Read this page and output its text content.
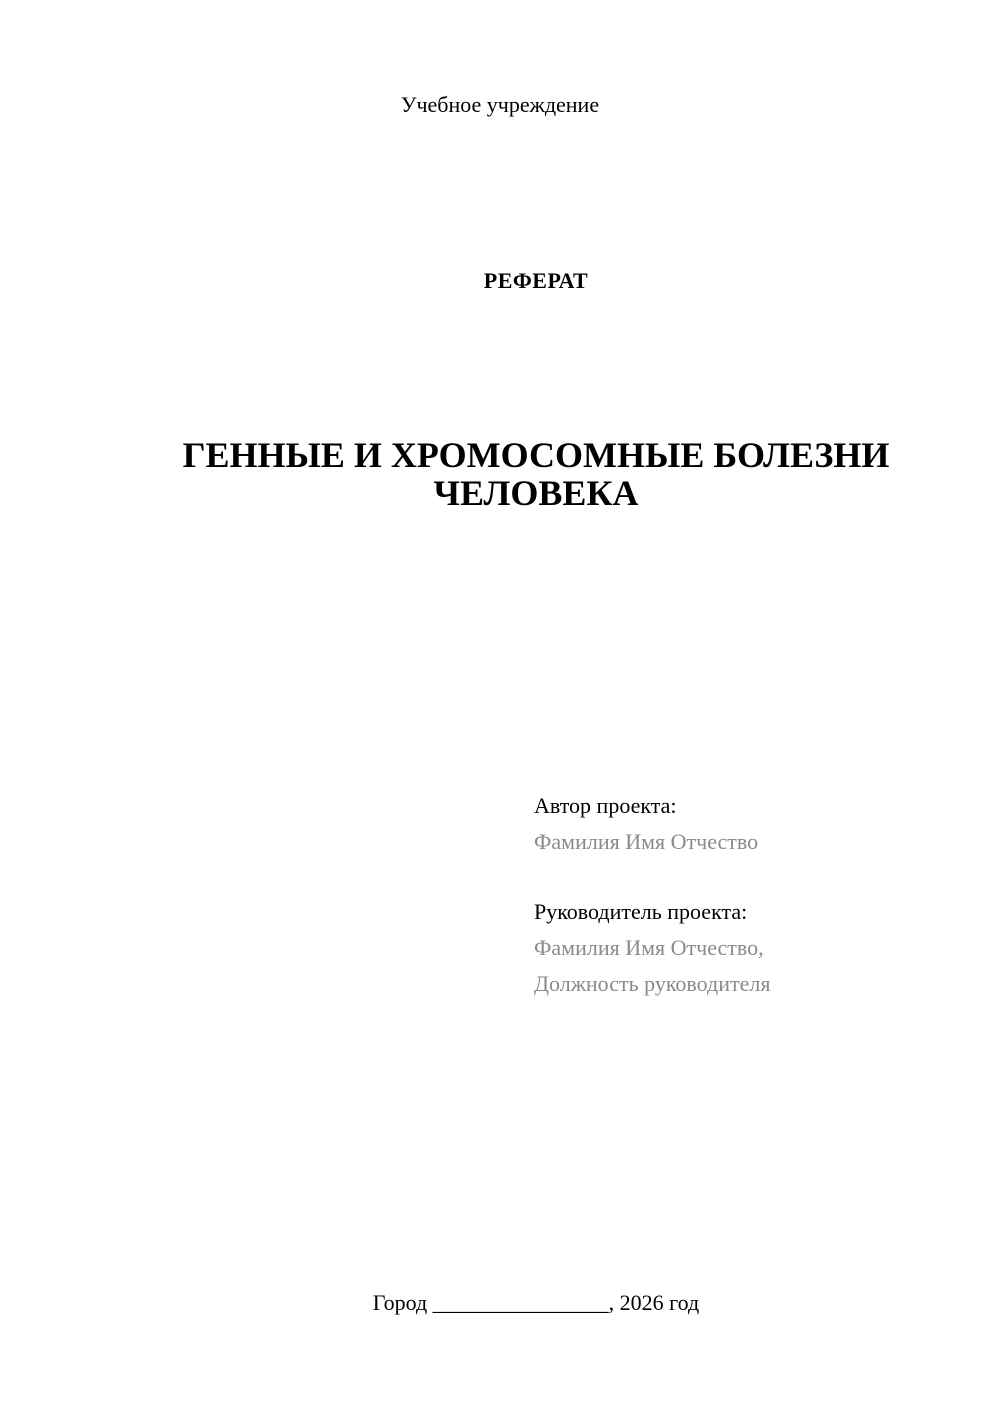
Учебное учреждение
РЕФЕРАТ
ГЕННЫЕ И ХРОМОСОМНЫЕ БОЛЕЗНИ
ЧЕЛОВЕКА
Автор проекта:
Фамилия Имя Отчество
Руководитель проекта:
Фамилия Имя Отчество,
Должность руководителя
Город ________________, 2026 год
